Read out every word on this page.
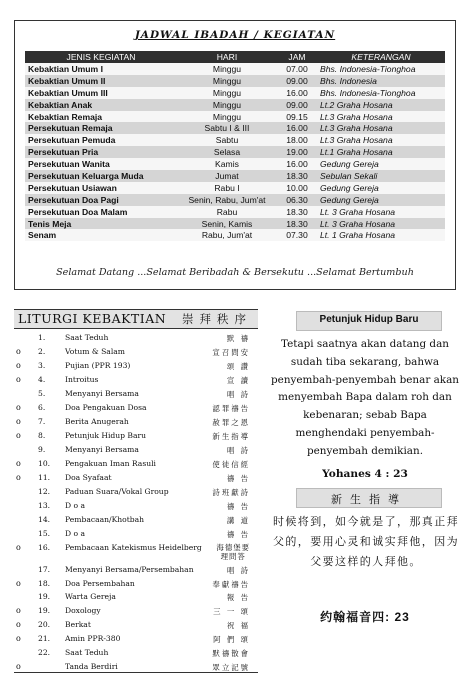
JADWAL IBADAH / KEGIATAN
JENIS KEGIATAN	HARI	JAM	KETERANGAN
Kebaktian Umum I	Minggu	07.00	Bhs. Indonesia-Tionghoa
Kebaktian Umum II	Minggu	09.00	Bhs. Indonesia
Kebaktian Umum III	Minggu	16.00	Bhs. Indonesia-Tionghoa
Kebaktian Anak	Minggu	09.00	Lt.2 Graha Hosana
Kebaktian Remaja	Minggu	09.15	Lt.3 Graha Hosana
Persekutuan Remaja	Sabtu I & III	16.00	Lt.3 Graha Hosana
Persekutuan Pemuda	Sabtu	18.00	Lt.3 Graha Hosana
Persekutuan Pria	Selasa	19.00	Lt.1 Graha Hosana
Persekutuan Wanita	Kamis	16.00	Gedung Gereja
Persekutuan Keluarga Muda	Jumat	18.30	Sebulan Sekali
Persekutuan Usiawan	Rabu I	10.00	Gedung Gereja
Persekutuan Doa Pagi	Senin, Rabu, Jum'at	06.30	Gedung Gereja
Persekutuan Doa Malam	Rabu	18.30	Lt. 3 Graha Hosana
Tenis Meja	Senin, Kamis	18.30	Lt. 3 Graha Hosana
Senam	Rabu, Jum'at	07.30	Lt. 1 Graha Hosana
Selamat Datang ...Selamat Beribadah & Bersekutu ...Selamat Bertumbuh
LITURGI KEBAKTIAN 崇拜秩序
1.	Saat Teduh	默 禱
o 2.	Votum & Salam	宣召問安
o 3.	Pujian (PPR 193)	頌 讚
o 4.	Introitus	宣 讀
5.	Menyanyi Bersama	唱 詩
o 6.	Doa Pengakuan Dosa	認罪禱告
o 7.	Berita Anugerah	赦罪之恩
o 8.	Petunjuk Hidup Baru	新生指導
9.	Menyanyi Bersama	唱 詩
o 10. Pengakuan Iman Rasuli	使徒信經
o 11. Doa Syafaat	禱 告
12. Paduan Suara/Vokal Group	詩班獻詩
13. D o a	禱 告
14. Pembacaan/Khotbah	講 道
15. D o a	禱 告
o 16. Pembacaan Katekismus Heidelberg 海德堡要
理問答
17. Menyanyi Bersama/Persembahan	唱 詩
o 18. Doa Persembahan	奉獻禱告
19. Warta Gereja	報 告
o 19. Doxology	三 一 頌
o 20. Berkat	祝 福
o 21. Amin PPR-380	阿 們 頌
22. Saat Teduh	默禱散會
o	Tanda Berdiri	眾立記號
Petunjuk Hidup Baru
Tetapi saatnya akan datang dan sudah tiba sekarang, bahwa penyembah-penyembah benar akan menyembah Bapa dalam roh dan kebenaran; sebab Bapa menghendaki penyembah-penyembah demikian.
Yohanes 4 : 23
新生指導
时候将到，如今就是了，那真正拜父的，要用心灵和诚实拜他，因为父要这样的人拜他。
约翰福音四: 23
